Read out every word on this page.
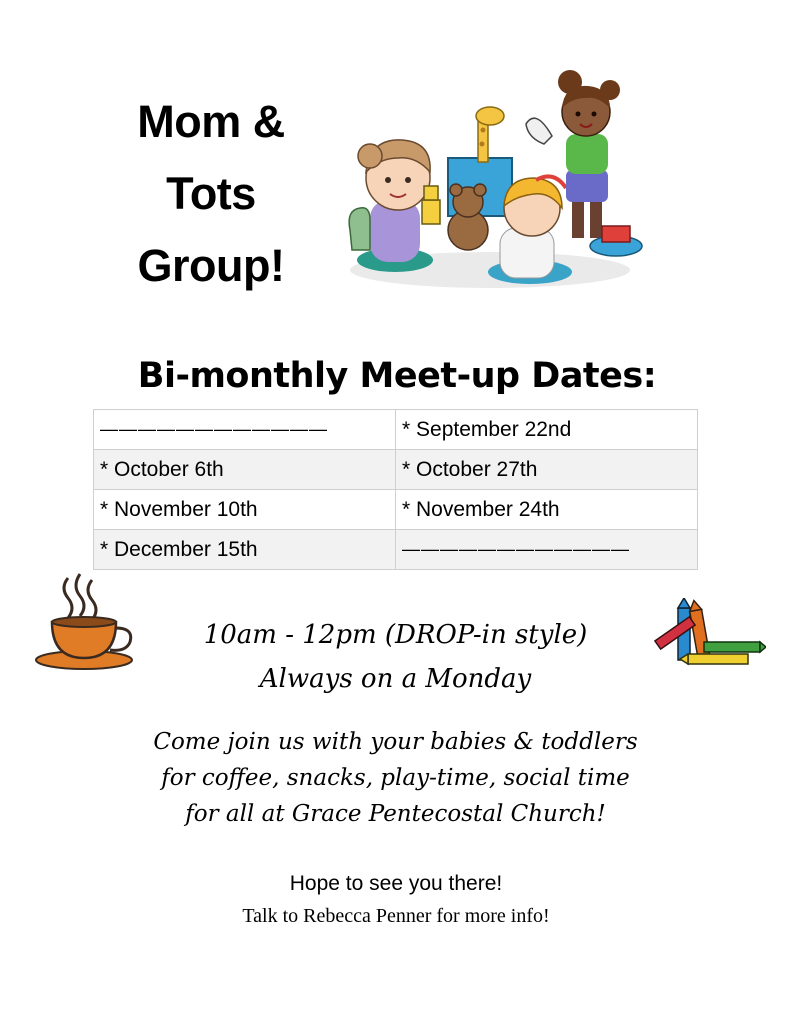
Mom &
Tots
Group!
Bi-monthly Meet-up Dates:
————————————	* September 22nd
* October 6th	* October 27th
* November 10th	* November 24th
* December 15th	————————————
10am - 12pm (DROP-in style)
Always on a Monday
Come join us with your babies & toddlers
for coffee, snacks, play-time, social time
for all at Grace Pentecostal Church!
Hope to see you there!
Talk to Rebecca Penner for more info!
